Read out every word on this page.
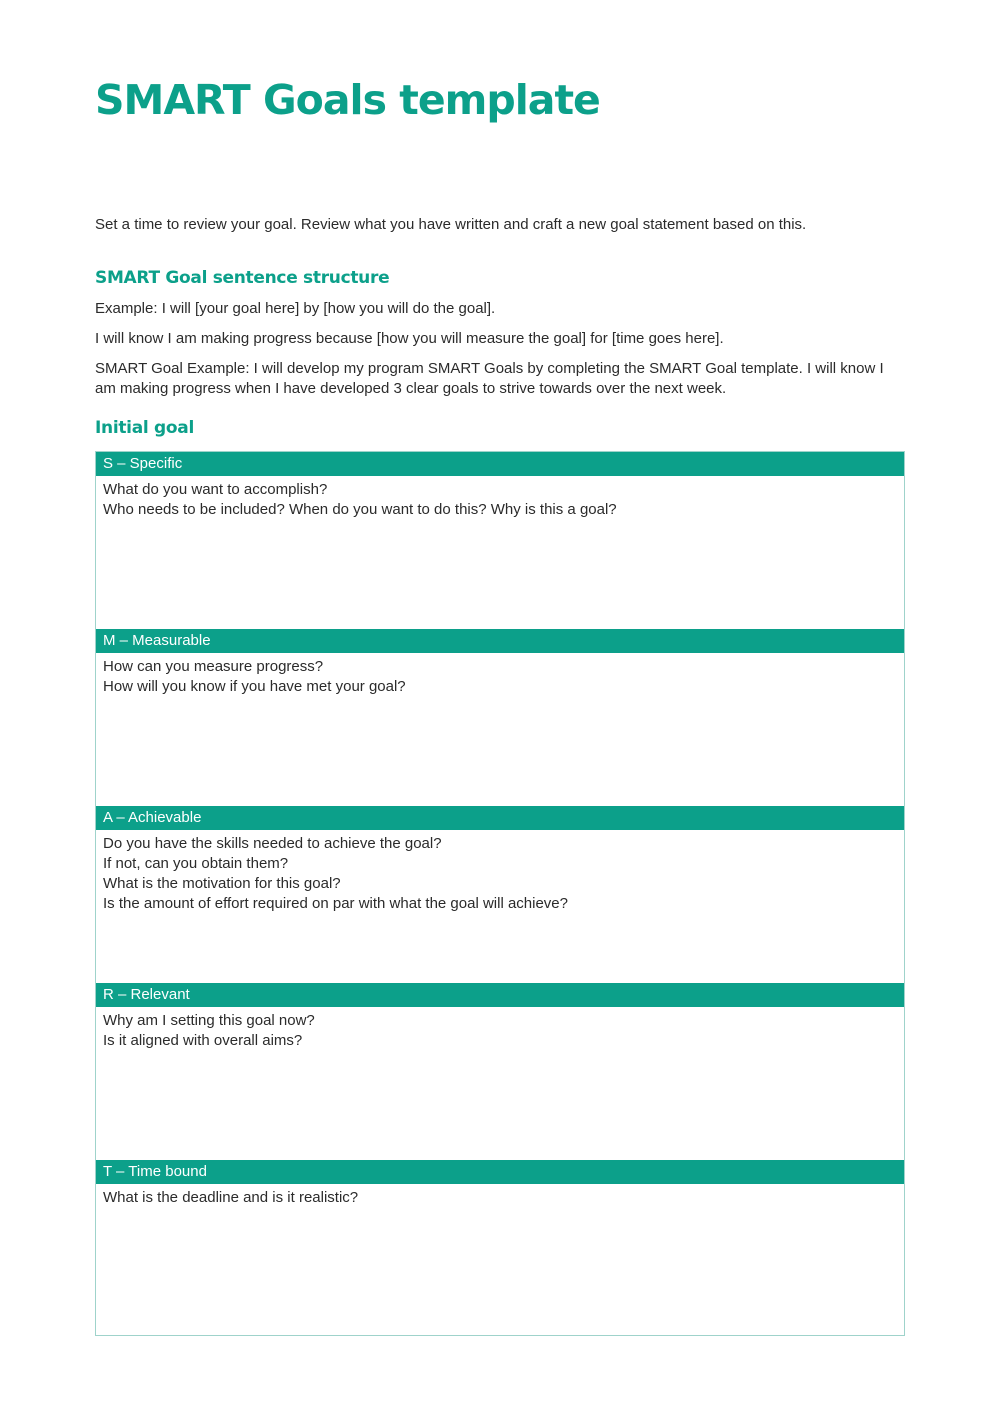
SMART Goals template

Set a time to review your goal. Review what you have written and craft a new goal statement based on this.

SMART Goal sentence structure

Example: I will [your goal here] by [how you will do the goal].

I will know I am making progress because [how you will measure the goal] for [time goes here].

SMART Goal Example: I will develop my program SMART Goals by completing the SMART Goal template. I will know I am making progress when I have developed 3 clear goals to strive towards over the next week.

Initial goal
S – Specific
What do you want to accomplish?
Who needs to be included? When do you want to do this? Why is this a goal?
M – Measurable
How can you measure progress?
How will you know if you have met your goal?
A – Achievable
Do you have the skills needed to achieve the goal?
If not, can you obtain them?
What is the motivation for this goal?
Is the amount of effort required on par with what the goal will achieve?
R – Relevant
Why am I setting this goal now?
Is it aligned with overall aims?
T – Time bound
What is the deadline and is it realistic?
